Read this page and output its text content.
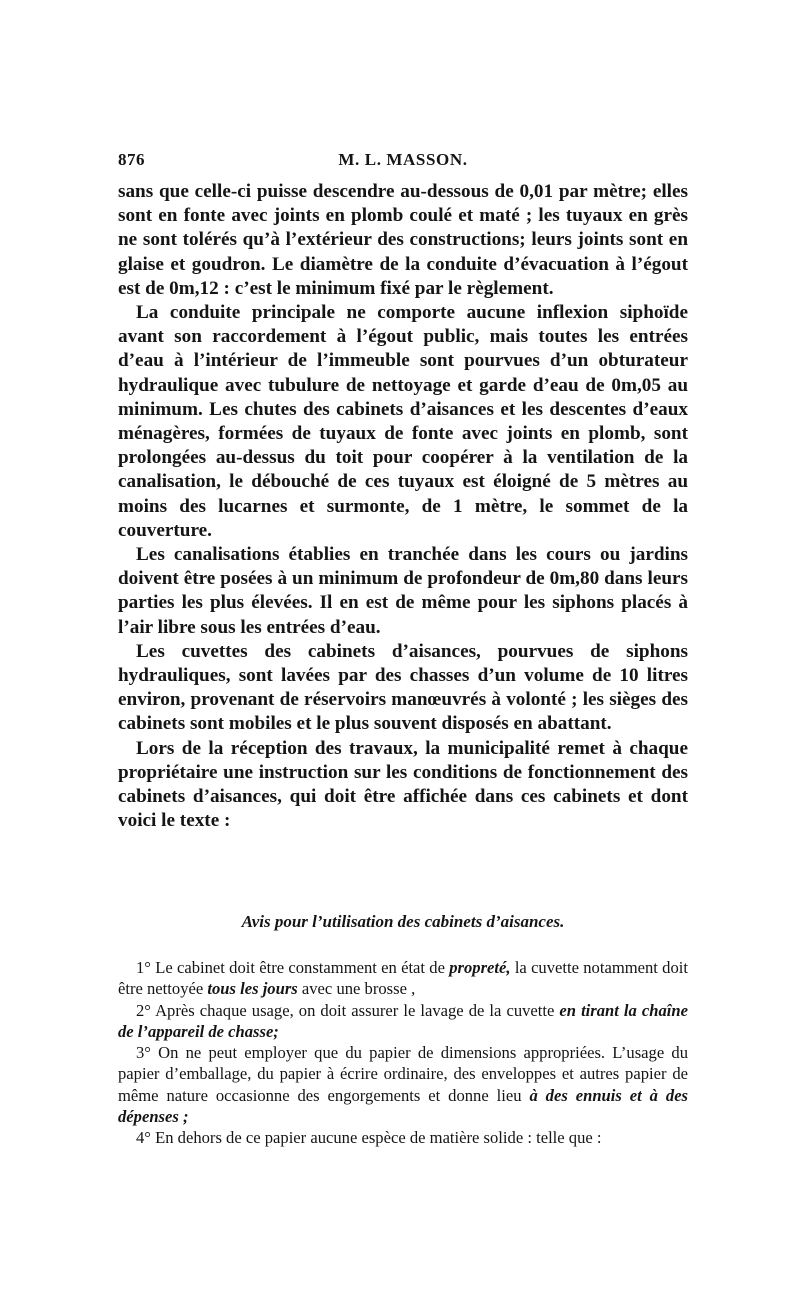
876	M. L. MASSON.

sans que celle-ci puisse descendre au-dessous de 0,01 par mètre; elles sont en fonte avec joints en plomb coulé et maté ; les tuyaux en grès ne sont tolérés qu’à l’extérieur des constructions; leurs joints sont en glaise et goudron. Le diamètre de la conduite d’évacuation à l’égout est de 0m,12 : c’est le minimum fixé par le règlement.

La conduite principale ne comporte aucune inflexion siphoïde avant son raccordement à l’égout public, mais toutes les entrées d’eau à l’intérieur de l’immeuble sont pourvues d’un obturateur hydraulique avec tubulure de nettoyage et garde d’eau de 0m,05 au minimum. Les chutes des cabinets d’aisances et les descentes d’eaux ménagères, formées de tuyaux de fonte avec joints en plomb, sont prolongées au-dessus du toit pour coopérer à la ventilation de la canalisation, le débouché de ces tuyaux est éloigné de 5 mètres au moins des lucarnes et surmonte, de 1 mètre, le sommet de la couverture.

Les canalisations établies en tranchée dans les cours ou jardins doivent être posées à un minimum de profondeur de 0m,80 dans leurs parties les plus élevées. Il en est de même pour les siphons placés à l’air libre sous les entrées d’eau.

Les cuvettes des cabinets d’aisances, pourvues de siphons hydrauliques, sont lavées par des chasses d’un volume de 10 litres environ, provenant de réservoirs manœuvrés à volonté ; les sièges des cabinets sont mobiles et le plus souvent disposés en abattant.

Lors de la réception des travaux, la municipalité remet à chaque propriétaire une instruction sur les conditions de fonctionnement des cabinets d’aisances, qui doit être affichée dans ces cabinets et dont voici le texte :

Avis pour l’utilisation des cabinets d’aisances.

1° Le cabinet doit être constamment en état de propreté, la cuvette notamment doit être nettoyée tous les jours avec une brosse ,

2° Après chaque usage, on doit assurer le lavage de la cuvette en tirant la chaîne de l’appareil de chasse;

3° On ne peut employer que du papier de dimensions appropriées. L’usage du papier d’emballage, du papier à écrire ordinaire, des enveloppes et autres papier de même nature occasionne des engorgements et donne lieu à des ennuis et à des dépenses ;

4° En dehors de ce papier aucune espèce de matière solide : telle que :
